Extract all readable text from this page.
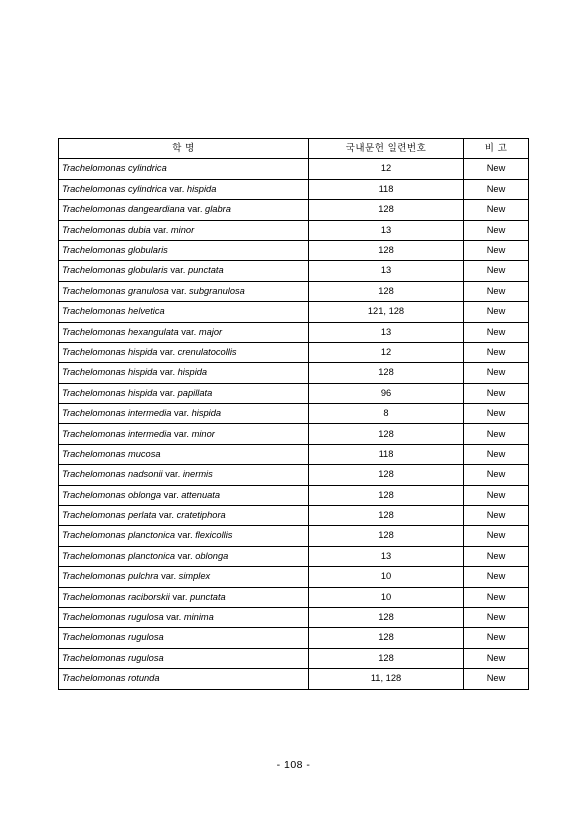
학 명	국내문헌 일련번호	비 고
Trachelomonas cylindrica	12	New
Trachelomonas cylindrica var. hispida	118	New
Trachelomonas dangeardiana var. glabra	128	New
Trachelomonas dubia var. minor	13	New
Trachelomonas globularis	128	New
Trachelomonas globularis var. punctata	13	New
Trachelomonas granulosa var. subgranulosa	128	New
Trachelomonas helvetica	121, 128	New
Trachelomonas hexangulata var. major	13	New
Trachelomonas hispida var. crenulatocollis	12	New
Trachelomonas hispida var. hispida	128	New
Trachelomonas hispida var. papillata	96	New
Trachelomonas intermedia var. hispida	8	New
Trachelomonas intermedia var. minor	128	New
Trachelomonas mucosa	118	New
Trachelomonas nadsonii var. inermis	128	New
Trachelomonas oblonga var. attenuata	128	New
Trachelomonas perlata var. cratetiphora	128	New
Trachelomonas planctonica var. flexicollis	128	New
Trachelomonas planctonica var. oblonga	13	New
Trachelomonas pulchra var. simplex	10	New
Trachelomonas raciborskii var. punctata	10	New
Trachelomonas rugulosa var. minima	128	New
Trachelomonas rugulosa	128	New
Trachelomonas rugulosa	128	New
Trachelomonas rotunda	11, 128	New
- 108 -
